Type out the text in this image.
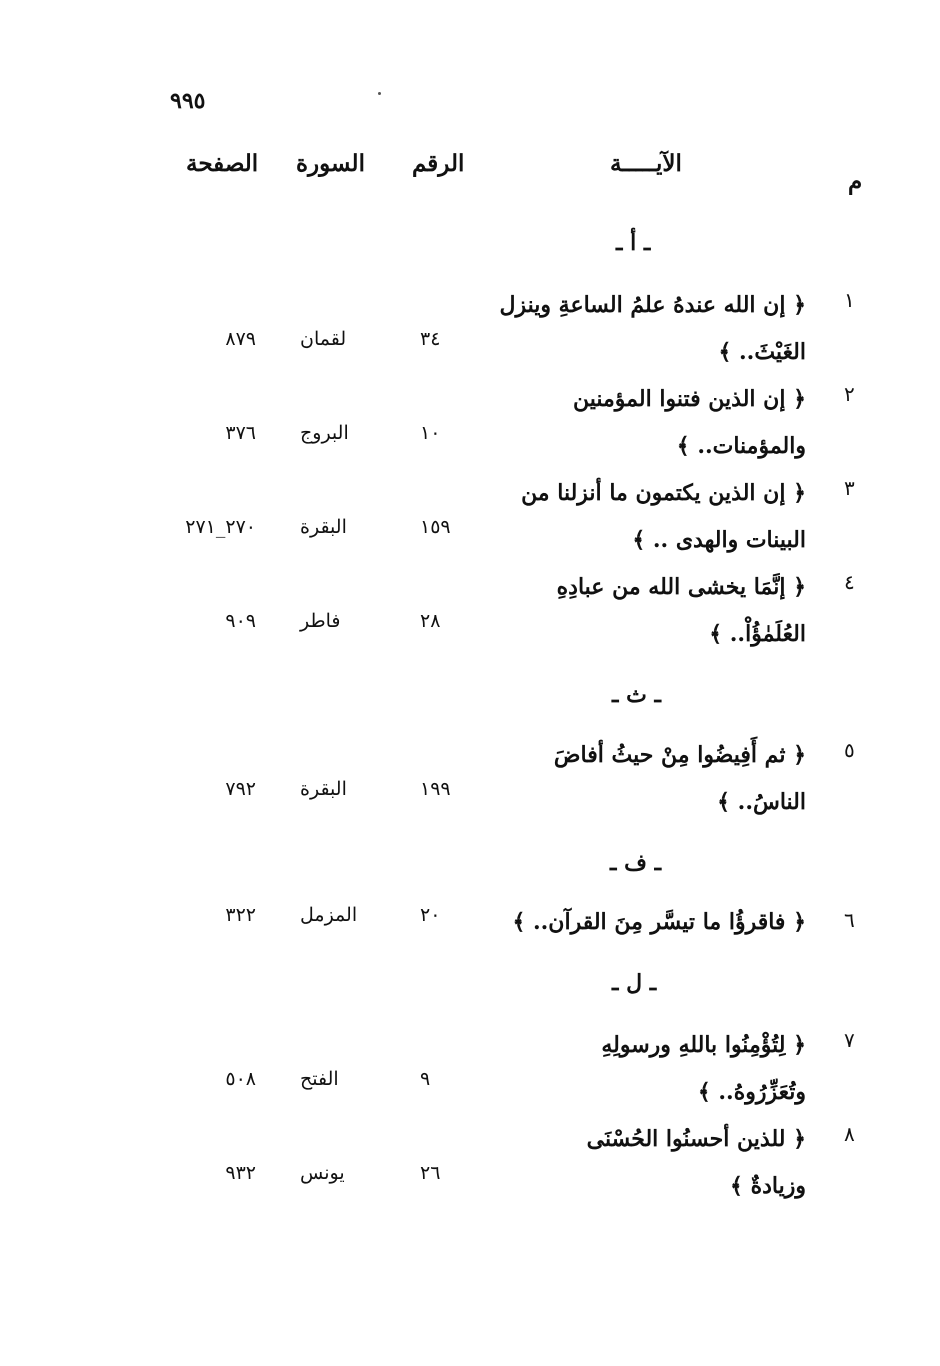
٩٩٥
م
الآيـــــة
الرقم
السورة
الصفحة
ـ أ ـ
١
﴿ إن الله عندهُ علمُ الساعةِ وينزل
الغَيْثَ.. ﴾
٣٤
لقمان
٨٧٩
٢
﴿ إن الذين فتنوا المؤمنين
والمؤمنات.. ﴾
١٠
البروج
٣٧٦
٣
﴿ إن الذين يكتمون ما أنزلنا من
البينات والهدى .. ﴾
١٥٩
البقرة
٢٧٠_٢٧١
٤
﴿ إنَّمَا يخشى الله من عبادِهِ
العُلَمٰؤُاْ.. ﴾
٢٨
فاطر
٩٠٩
ـ ث ـ
٥
﴿ ثم أَفِيضُوا مِنْ حيثُ أفاضَ
الناسُ.. ﴾
١٩٩
البقرة
٧٩٢
ـ ف ـ
٦
﴿ فاقرؤُا ما تيسَّر مِنَ القرآن.. ﴾
٢٠
المزمل
٣٢٢
ـ ل ـ
٧
﴿ لِتُؤْمِنُوا باللهِ ورسولِهِ
وتُعَزِّرُوهُ.. ﴾
٩
الفتح
٥٠٨
٨
﴿ للذين أحسنُوا الحُسْنَى
وزيادةٌ ﴾
٢٦
يونس
٩٣٢
